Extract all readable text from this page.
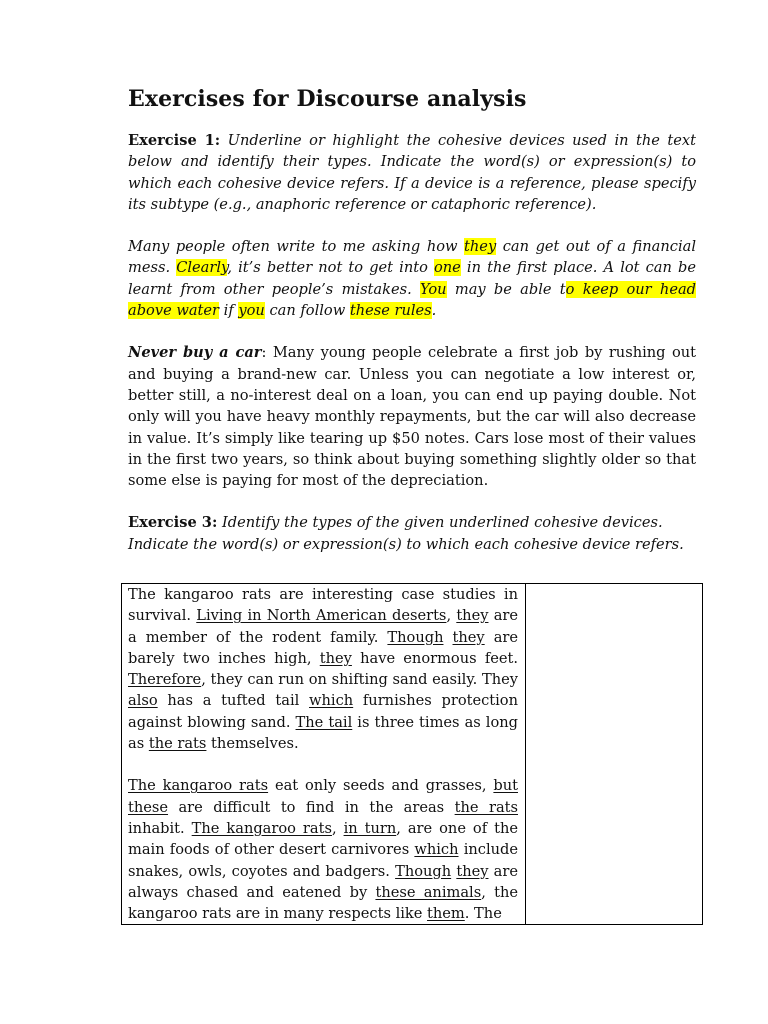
Exercises for Discourse analysis

Exercise 1: Underline or highlight the cohesive devices used in the text below and identify their types. Indicate the word(s) or expression(s) to which each cohesive device refers. If a device is a reference, please specify its subtype (e.g., anaphoric reference or cataphoric reference).

Many people often write to me asking how they can get out of a financial mess. Clearly, it’s better not to get into one in the first place. A lot can be learnt from other people’s mistakes. You may be able to keep our head above water if you can follow these rules.

Never buy a car: Many young people celebrate a first job by rushing out and buying a brand-new car. Unless you can negotiate a low interest or, better still, a no-interest deal on a loan, you can end up paying double. Not only will you have heavy monthly repayments, but the car will also decrease in value. It’s simply like tearing up $50 notes. Cars lose most of their values in the first two years, so think about buying something slightly older so that some else is paying for most of the depreciation.

Exercise 3: Identify the types of the given underlined cohesive devices. Indicate the word(s) or expression(s) to which each cohesive device refers.

The kangaroo rats are interesting case studies in survival. Living in North American deserts, they are a member of the rodent family. Though they are barely two inches high, they have enormous feet. Therefore, they can run on shifting sand easily. They also has a tufted tail which furnishes protection against blowing sand. The tail is three times as long as the rats themselves.

The kangaroo rats eat only seeds and grasses, but these are difficult to find in the areas the rats inhabit. The kangaroo rats, in turn, are one of the main foods of other desert carnivores which include snakes, owls, coyotes and badgers. Though they are always chased and eatened by these animals, the kangaroo rats are in many respects like them. The
